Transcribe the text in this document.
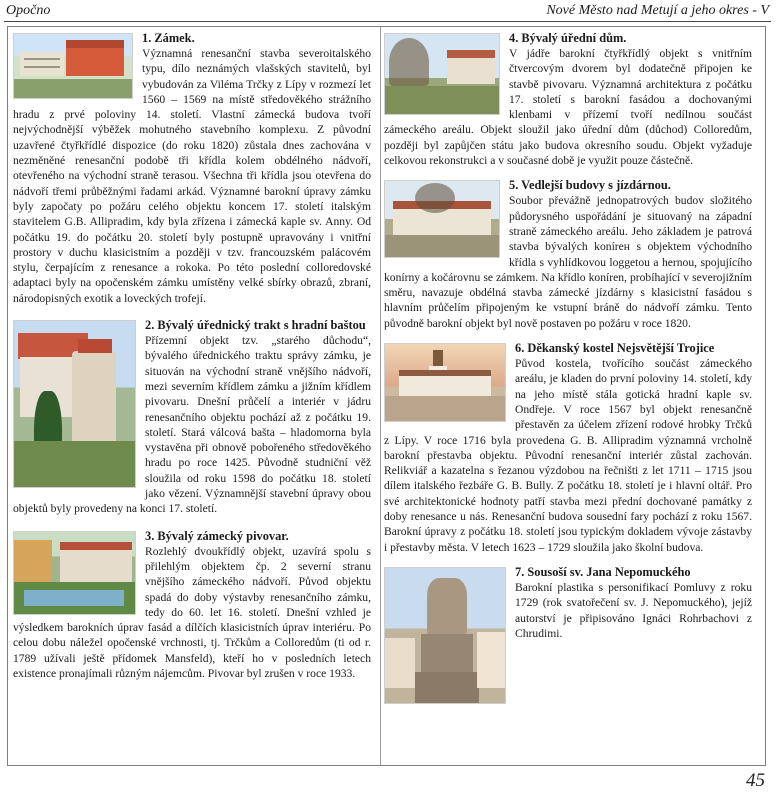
Opočno	Nové Město nad Metují a jeho okres - V

1. Zámek.

Významná renesanční stavba severoitalského typu, dílo neznámých vlašských stavitelů, byl vybudován za Viléma Trčky z Lípy v rozmezí let 1560 – 1569 na místě středověkého strážního hradu z prvé poloviny 14. století. Vlastní zámecká budova tvoří nejvýchodnější výběžek mohutného stavebního komplexu. Z původní uzavřené čtyřkřídlé dispozice (do roku 1820) zůstala dnes zachována v nezměněné renesanční podobě tři křídla kolem obdélného nádvoří, otevřeného na východní straně terasou. Všechna tři křídla jsou otevřena do nádvoří třemi průběžnými řadami arkád. Významné barokní úpravy zámku byly započaty po požáru celého objektu koncem 17. století italským stavitelem G.B. Allipradim, kdy byla zřízena i zámecká kaple sv. Anny. Od počátku 19. do počátku 20. století byly postupně upravovány i vnitřní prostory v duchu klasicistním a později v tzv. francouzském palácovém stylu, čerpajícím z renesance a rokoka. Po této poslední colloredovské adaptaci byly na opočenském zámku umístěny velké sbírky obrazů, zbraní, národopisných exotik a loveckých trofejí.

2. Bývalý úřednický trakt s hradní baštou

Přízemní objekt tzv. „starého důchodu“, bývalého úřednického traktu správy zámku, je situován na východní straně vnějšího nádvoří, mezi severním křídlem zámku a jižním křídlem pivovaru. Dnešní průčelí a interiér v jádru renesančního objektu pochází až z počátku 19. století. Stará válcová bašta – hladomorna byla vystavěna při obnově pobořeného středověkého hradu po roce 1425. Původně studniční věž sloužila od roku 1598 do počátku 18. století jako vězení. Významnější stavební úpravy obou objektů byly provedeny na konci 17. století.

3. Bývalý zámecký pivovar.

Rozlehlý dvoukřídlý objekt, uzavírá spolu s přilehlým objektem čp. 2 severní stranu vnějšího zámeckého nádvoří. Původ objektu spadá do doby výstavby renesančního zámku, tedy do 60. let 16. století. Dnešní vzhled je výsledkem barokních úprav fasád a dílčích klasicistních úprav interiéru. Po celou dobu náležel opočenské vrchnosti, tj. Trčkům a Colloredům (ti od r. 1789 užívali ještě přídomek Mansfeld), kteří ho v posledních letech existence pronajímali různým nájemcům. Pivovar byl zrušen v roce 1933.

4. Bývalý úřední dům.

V jádře barokní čtyřkřídlý objekt s vnitřním čtvercovým dvorem byl dodatečně připojen ke stavbě pivovaru. Významná architektura z počátku 17. století s barokní fasádou a dochovanými klenbami v přízemí tvoří nedílnou součást zámeckého areálu. Objekt sloužil jako úřední dům (důchod) Colloredům, později byl zapůjčen státu jako budova okresního soudu. Objekt vyžaduje celkovou rekonstrukci a v současné době je využit pouze částečně.

5. Vedlejší budovy s jízdárnou.

Soubor převážně jednopatrových budov složitého půdorysného uspořádání je situovaný na západní straně zámeckého areálu. Jeho základem je patrová stavba bývalých konírен s objektem východního křídla s vyhlídkovou loggetou a hernou, spojujícího konírny a kočárovnu se zámkem. Na křídlo koníren, probíhající v severojižním směru, navazuje obdélná stavba zámecké jízdárny s klasicistní fasádou s hlavním průčelím připojeným ke vstupní bráně do nádvoří zámku. Tento původně barokní objekt byl nově postaven po požáru v roce 1820.

6. Děkanský kostel Nejsvětější Trojice

Původ kostela, tvořícího součást zámeckého areálu, je kladen do první poloviny 14. století, kdy na jeho místě stála gotická hradní kaple sv. Ondřeje. V roce 1567 byl objekt renesančně přestavěn za účelem zřízení rodové hrobky Trčků z Lípy. V roce 1716 byla provedena G. B. Allipradim významná vrcholně barokní přestavba objektu. Původní renesanční interiér zůstal zachován. Relikviář a kazatelna s řezanou výzdobou na řečništi z let 1711 – 1715 jsou dílem italského řezbáře G. B. Bully. Z počátku 18. století je i hlavní oltář. Pro své architektonické hodnoty patří stavba mezi přední dochované památky z doby renesance u nás. Renesanční budova sousední fary pochází z roku 1567. Barokní úpravy z počátku 18. století jsou typickým dokladem vývoje zástavby i přestavby města. V letech 1623 – 1729 sloužila jako školní budova.

7. Sousoší sv. Jana Nepomuckého

Barokní plastika s personifikací Pomluvy z roku 1729 (rok svatořečení sv. J. Nepomuckého), jejíž autorství je připisováno Ignáci Rohrbachovi z Chrudimi.

45
